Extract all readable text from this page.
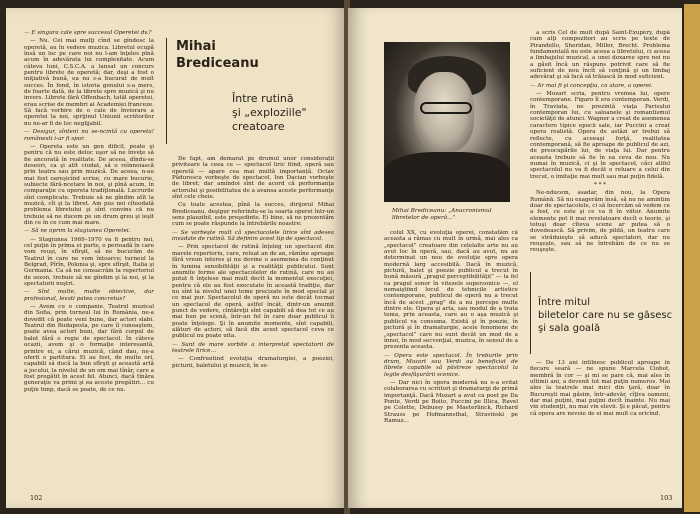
— E singura cale spre succesul Operetei dv.?

— Nu. Cei mai mulţi cînd se gîndesc la operetă, au în vedere muzica. Libretul ocupă însă un loc pe care noi nu l-am înţeles pînă acum în adevărata lui complexitate. Acum câteva luni, C.S.C.A. a lansat un concurs pentru librete de operetă; dar, deşi a fost o iniţiativă bună, ea nu s-a bucurat de mult succes. În fond, în istoria genului s-a mers, de foarte dată, de la librete spre muzică şi nu invers. Librete fără Offenbach, tatăl operetei, erau scrise de membri ai Academiei franceze. Să facă vorbire de o cale de înviorare a operetei la noi, sprijinul Uniunii scriitorilor nu ne-ar fi de loc neglijabil.

— Desigur, sînteni nu se-ncintă cu opereta! romănesti i-ar fi spor.

— Opereta este un gen dificil, poate şi pentru că nu este deloc uşor să ne înveţe să fie ancorată în realitate. De aceea, dîndu-se deseori, ca şi atît ciudat, să o reînnoiască prin teatru sau prin muzică. De aceea, n-au mai fost oareşicînd scrise, cu mare bucurie, subiecte fără-ncetare în noi, şi pînă acum, în comparaţie cu opereta tradiţională. Lucrurile sînt complicate. Trebuie să ne gîndim atît la muzică, cît şi la libret. Am pus noi cîteodată problema libretului şi sînt convins că nu trebuie să ne ducem pe un drum greu şi ieşit din ce în ce cum mai mare.

— Să ne oprim la stagiunea Operetei.

— Stagiunea 1969–1970 va fi pentru noi, cel puţin în prima ei parte, o perioadă în care vom reuşi, în sfîrşit, să ne bucurăm de Teatrul în care ne vom întoarce; turneul la Belgrad, Pîrîn, Polonia şi, spre sfîrşit, Italia şi Germania. Ca să ne consacrăm la repertoriul de sezon, trebuie să ne gîndim şi la noi, şi la spectatorii noştri.

— Sînt multe, multe obiective, dar profesional, levati patea concretus?

— Avem cu o companie. Teatrul muzical din Sofia, prin turneul lui în România, ne-a dovedit că poate veni bune, dar actori slabi. Teatrul din Budapesta, pe care îl cunoaştem, poate avea actori buni, dar fără corpul de balet fără o regie de spectacol. În câteva ocazii, avem şi o formaţie interesantă, printre ei, a cărui muzică, când dau, ne-a oferit o partitura. Ei au fost, de multe ori, capabili să ducă la bun sfîrşit şi această artă a jocului, la nivelul de un om mai tînăr, care a fost pregătit în acest fel. Atunci, dacă tînăra generaţie va primi şi ea aceste pregătiri... cu puţin timp, dacă se poate, de ce nu.

Mihai
Brediceanu
Între rutină
şi „exploziile"
creatoare

De fapt, am demarat pe drumul unor considerații privitoare la ceea ce — spectacol liric fiind, operă sau operetă — apare cea mai multă importanță. Octav Pădurescu vorbeşte de spectacol, Ion Dacian vorbeşte de libret; dar amîndoi sînt de acord că performanţa actorului şi posibilitatea de a avansa aceste performanţe sînt cele cheie.

Cu toate acestea, pînă la succes, dirijorul Mihai Brediceanu, deşigur referindu-se la soarta operei într-un sens plauzibil, este preşedinte. Ei bine, să ne prezentăm cum se poate răspunde la întrebările noastre:

— Se vorbeşte mult că spectacolele lirice sînt adesea invadate de rutină. Să definim acest tip de spectacol.

— Prin spectacol de rutină înţeleg un spectacol din marele repertoriu, care, reluat an de an, rămîne aproape fără vreun interes şi nu devine o asemenea de conţinut în lumina sensibilităţii şi a realităţii publicului. Sunt anumite forme ale spectacolelor de rutină, care nu au putut fi înţelese mai mult decît la momentul execuţiei, pentru că ele au fost executate în această tradiţie, dar nu sînt la nivelul unei teme precizate în mod special şi ce mai pur. Spectacolul de operă nu este decât tocmai un spectacol de operă, astfel încât, dintr-un anumit punct de vedere, cîntăreţii sînt capabili să dea tot ce au mai bun pe scenă, într-un fel în care doar publicul îi poate înţelege. Şi în anumite momente, sînt capabili, alături de actori, să facă din acest spectacol ceva ce publicul nu poate uita.

— Sunt de mare vorbite a interpretat spectatorii de teatrele lirice…

— Confruntind evoluţia dramaturgiei, a poeziei, picturii, baletului şi muzicii, în se-

102
Mihai Brediceanu: „Anacronismul libretelor de operă..."

colul XX, cu evoluţia operei, constatăm că aceasta a rămas cu mult în urmă, mai ales ca „spectacol” creatoare din celelalte arte nu au avut loc în operă, sau, dacă au avut, nu au determinat un nou de evoluţie spre opera modernă larg accesibilă. Dacă în muzică, pictură, balet şi poezie publicul a trecut în bună măsură „pragul perceptibilităţii” — la fel ca pragul sonor în vitezele supersonice —, el nemaiştiind locul de tehnicile artistice contemporane, publicul de operă nu a trecut încă de acest „prag” de a nu percepe multe dintre ele. Opera şi arta, sau modul de a trata tema, prin aceasta, care au o aşa muzică şi publicul va consuma. Există şi în poezie, în pictură şi în dramaturgie, acele fenomene de „spectacol” care nu sunt decât un mod de a înnoi, în mod secvenţial, muzica, în sensul de a prezenta aceasta.

— Opera este spectacol. În treburile prin drum, Mozart sau Verdi au beneficiat de librete capabile să păstreze spectacolul la legile desfăşurării scenice.

— Dar nici în opera modernă nu e-a evitat colaborarea cu scriitori şi dramaturgi de primă importanţă. Dacă Mozart a avut ca poet pe Da Ponte, Verdi pe Boito, Puccini pe Illica, Ravel pe Colette, Debussy pe Maeterlinck, Richard Strauss pe Hofmannsthal, Stravinski pe Ramuz...

a scris Cel de mult după Saint-Exupéry, după cum alţi compozitori au scris pe texte de Pirandello, Sheridan, Miller, Brecht. Problema fundamentală nu este aceea a libretului, ci aceea a limbajului muzical, a unei doxaree spre noi nu a găsit încă un răspuns potrivit care să fie suficient de nou încît să conţină şi un limbaj adevărat şi să facă să trăiască în mod suficient.

— Ar mai fi şi concepţia, ca atare, a operei.

— Mozart scria, pentru vremea lui, opere contemporane. Figaro îl era contemporan. Verdi, în Traviata, ne prezintă viaţa Parisului contemporan lui, cu saloanele şi romantismul societăţii de atunci. Wagner a creat de asemenea caractere tipice epocii sale, iar Puccini a creat opera realistă. Opera de astăzi ar trebui să reflecte, cu aceeaşi forţă, realitatea contemporană, să fie aproape de publicul de azi, de preocupările lui, de viaţa lui. Dar pentru aceasta trebuie să fie în ea ceva de nou. Nu numai în muzică, ci şi în spectacol, căci altfel spectacolul nu va fi decât o reluare a celui din trecut, o imitaţie mai mult sau mai puţin fidelă.

* * *

Ne-nducem, asadar, din nou, la Opera Română. Să nu exagerăm însă, să nu ne amintim doar de spectacolele, ci să încercăm să vedem ce a fost, ce este şi ce va fi în viitor. Anumite elemente pot fi mai revelatoare decît o teorie, şi totuşi doar cîteva scene ar putea să o dovedească. Să privim, de pildă, un teatru care se străduieşte să aducă spectatori, dar nu reuşeşte, sau să ne întrebăm de ce nu se reuşeşte.

Între mitul
biletelor care nu se găsesc
şi sala goală

— De 13 ani întîlnesc publicul aproape în fiecare seară — ne spune Marcela Ciobot, membră în cor — şi mi se pare că, mai ales în ultimii ani, a devenit tot mai puţin numeros. Mai ales la teatrele mai mici din ţară, doar în Bucureşti mai găsim, într-adevăr, cîţiva oameni, dar mai puţini, mai puţini decît înainte. Nu mai vin studenţii, nu mai vin elevii. Şi e păcat, pentru că opera are nevoie de ei mai mult ca oricînd.

103
